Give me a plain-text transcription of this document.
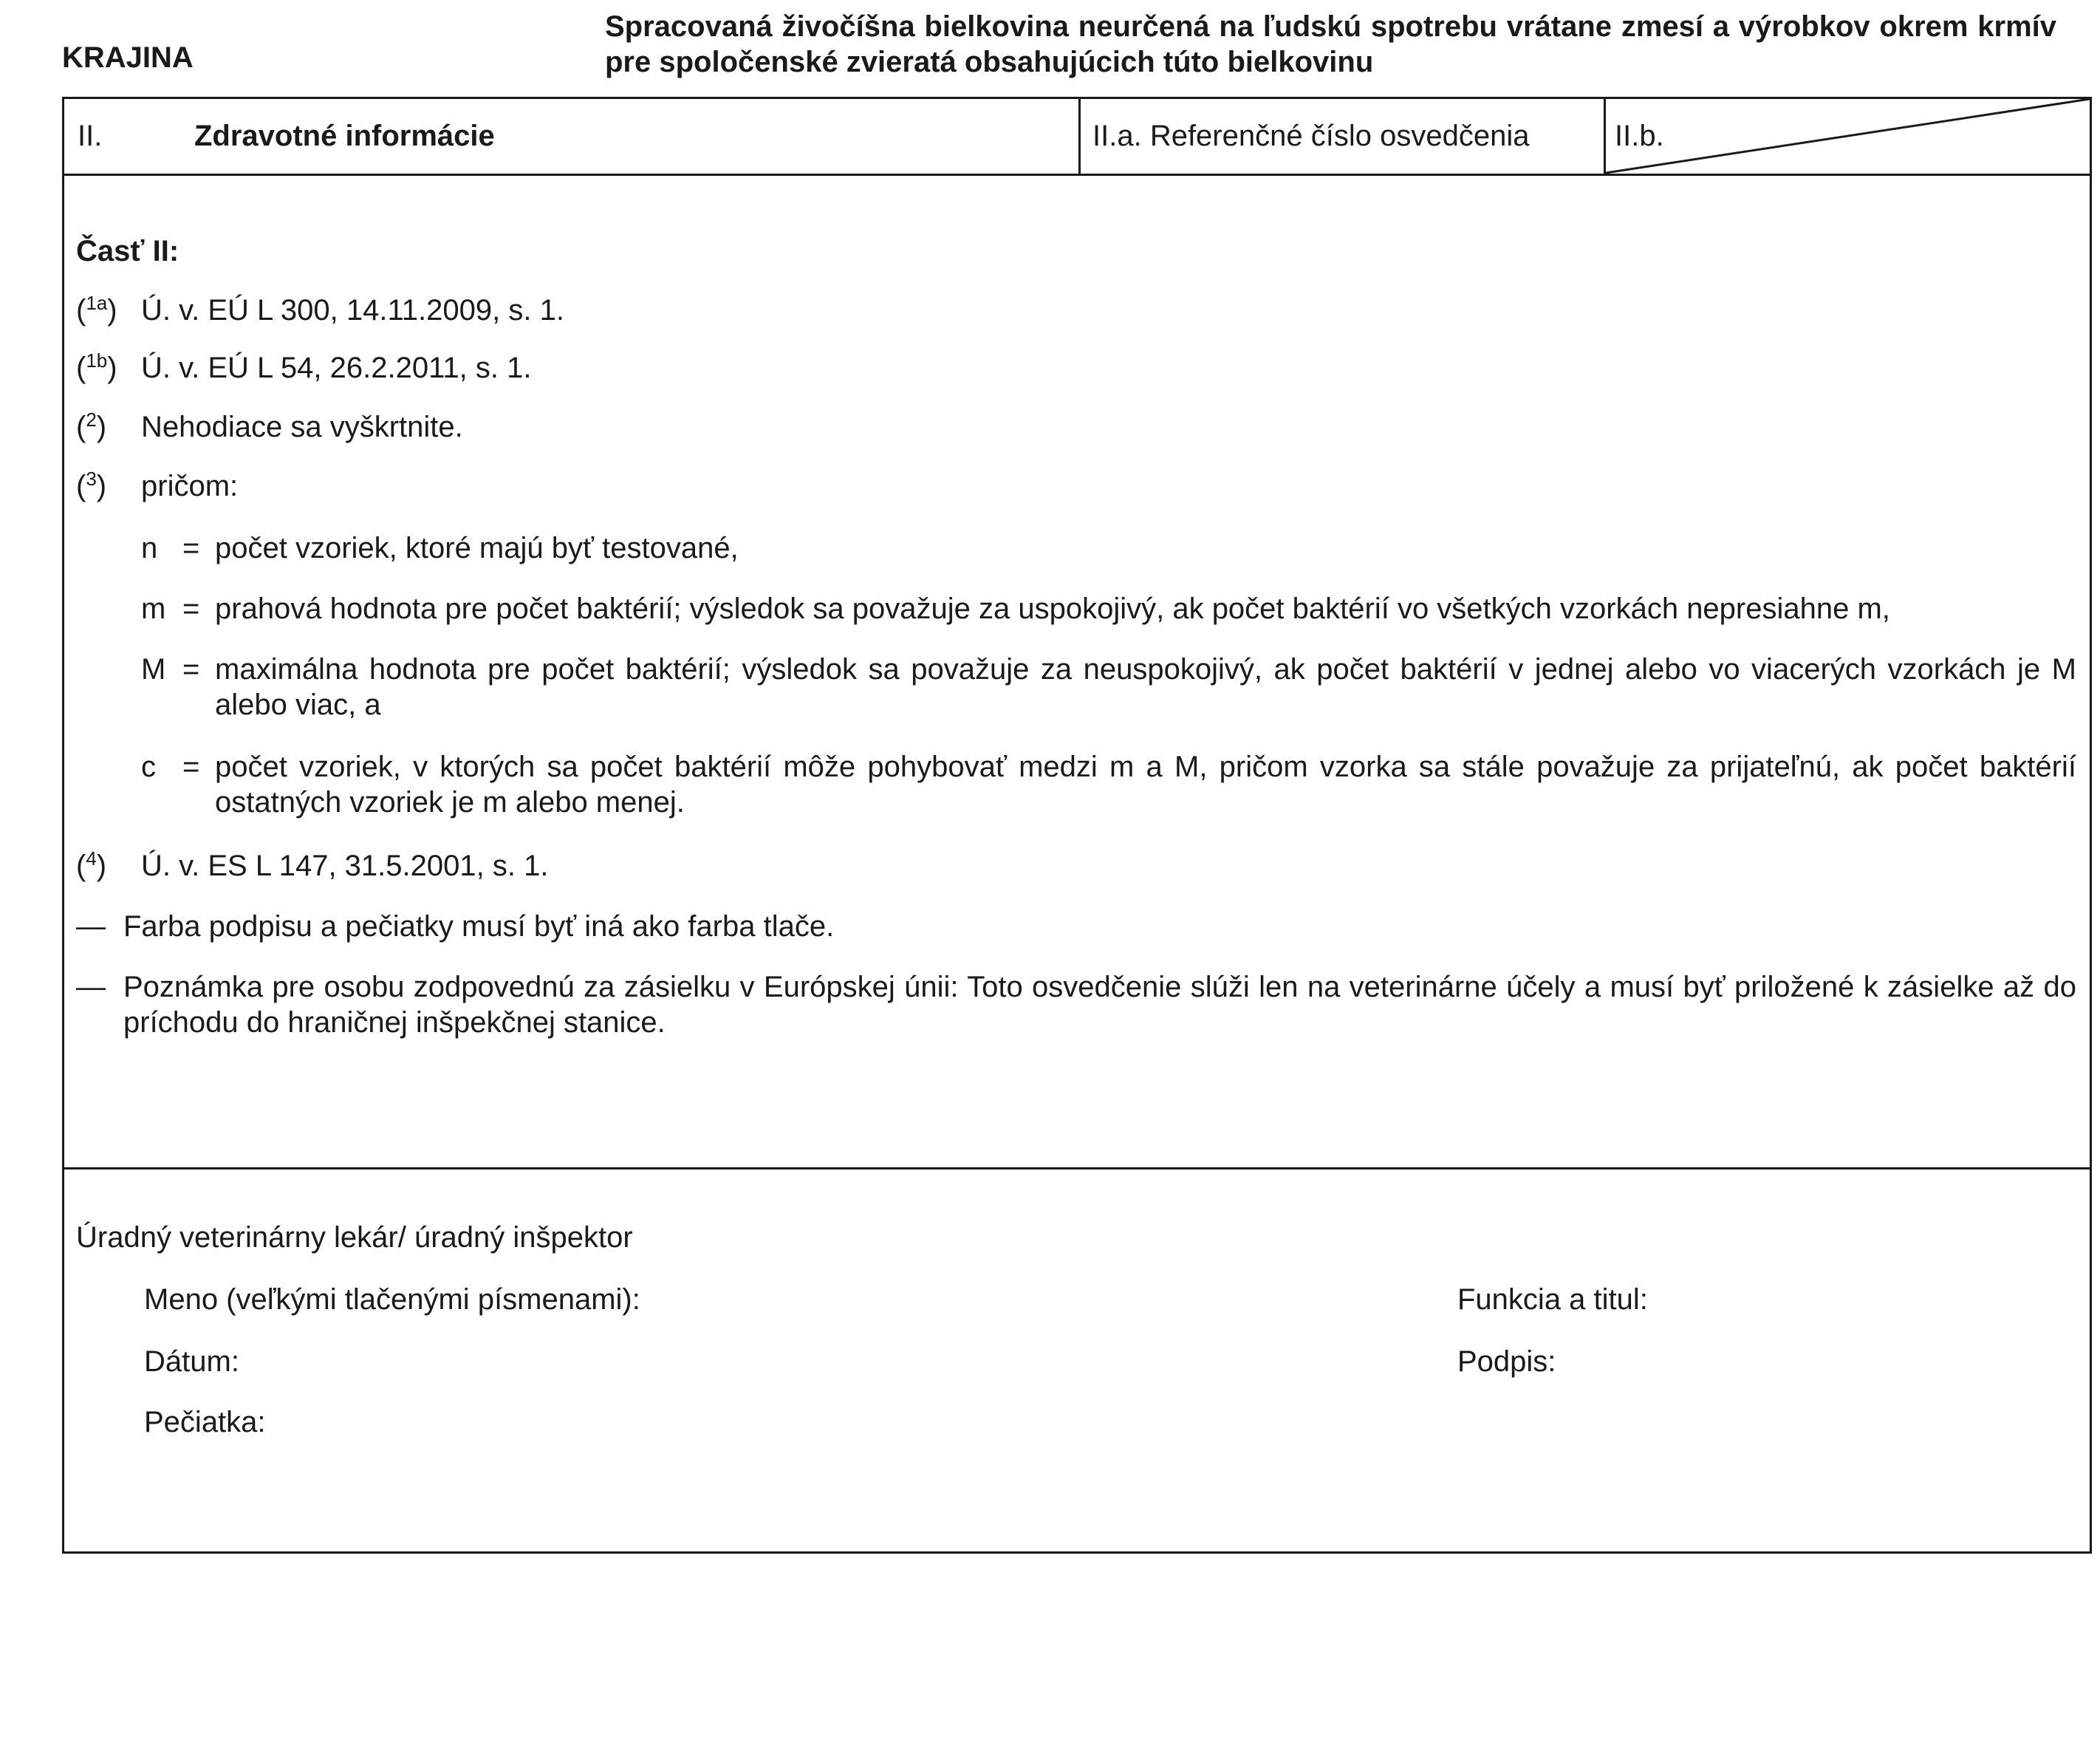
KRAJINA
Spracovaná živočíšna bielkovina neurčená na ľudskú spotrebu vrátane zmesí a výrobkov okrem krmív pre spoločenské zvieratá obsahujúcich túto bielkovinu
II.	Zdravotné informácie	II.a. Referenčné číslo osvedčenia	II.b.
Časť II:
($^{1a}$) Ú. v. EÚ L 300, 14.11.2009, s. 1.
($^{1b}$) Ú. v. EÚ L 54, 26.2.2011, s. 1.
($^2$) Nehodiace sa vyškrtnite.
($^3$) pričom:
n = počet vzoriek, ktoré majú byť testované,
m = prahová hodnota pre počet baktérií; výsledok sa považuje za uspokojivý, ak počet baktérií vo všetkých vzorkách nepresiahne m,
M = maximálna hodnota pre počet baktérií; výsledok sa považuje za neuspokojivý, ak počet baktérií v jednej alebo vo viacerých vzorkách je M alebo viac, a
c = počet vzoriek, v ktorých sa počet baktérií môže pohybovať medzi m a M, pričom vzorka sa stále považuje za prijateľnú, ak počet baktérií ostatných vzoriek je m alebo menej.
($^4$) Ú. v. ES L 147, 31.5.2001, s. 1.
— Farba podpisu a pečiatky musí byť iná ako farba tlače.
— Poznámka pre osobu zodpovednú za zásielku v Európskej únii: Toto osvedčenie slúži len na veterinárne účely a musí byť priložené k zásielke až do príchodu do hraničnej inšpekčnej stanice.
Úradný veterinárny lekár/ úradný inšpektor
Meno (veľkými tlačenými písmenami):	Funkcia a titul:
Dátum:	Podpis:
Pečiatka:
